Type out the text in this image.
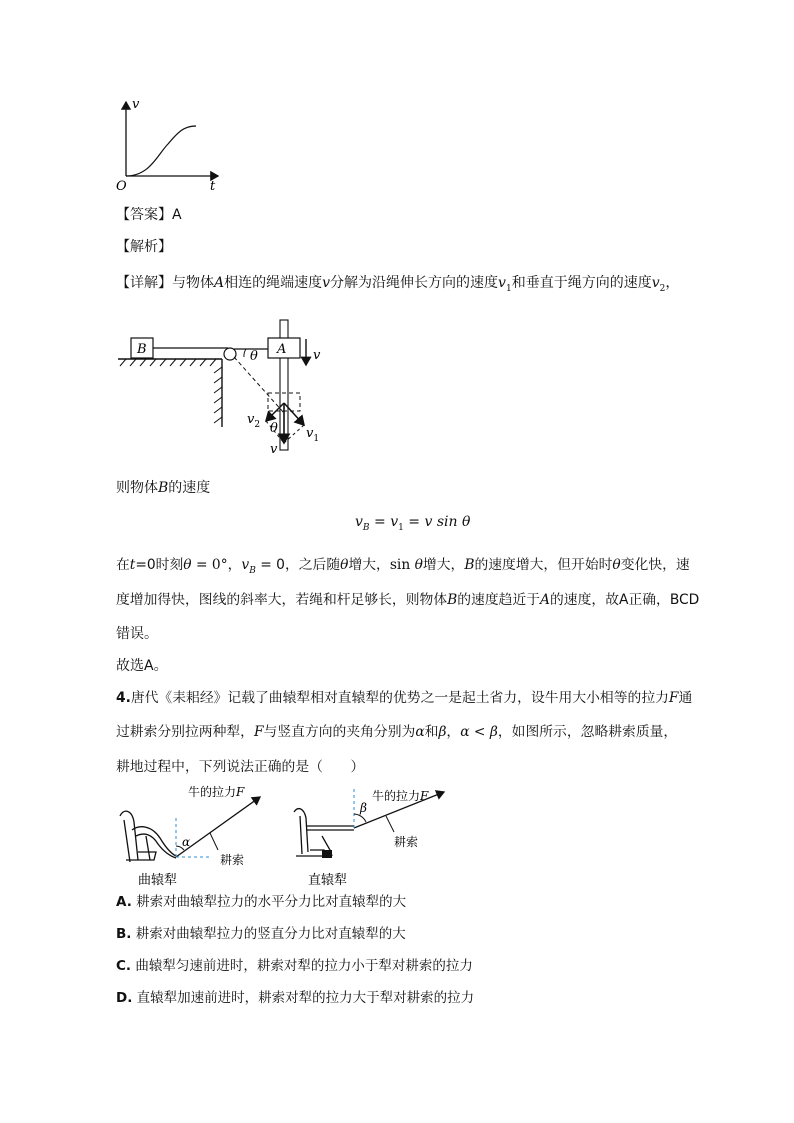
v
t
O
【答案】A
【解析】
【详解】与物体A相连的绳端速度v分解为沿绳伸长方向的速度$v_1$和垂直于绳方向的速度$v_2$，
B	A
θ	v
$v_2$ θ $v_1$
v
则物体B的速度
$v_B = v_1 = v$ sin θ
在t=0时刻θ = 0°，$v_B = 0$，之后随θ增大，sin θ增大，B的速度增大，但开始时θ变化快，速
度增加得快，图线的斜率大，若绳和杆足够长，则物体B的速度趋近于A的速度，故A正确，BCD
错误。
故选A。
4.唐代《耒耜经》记载了曲辕犁相对直辕犁的优势之一是起土省力，设牛用大小相等的拉力F通
过耕索分别拉两种犁，F与竖直方向的夹角分别为α和β，α < β，如图所示，忽略耕索质量，
耕地过程中，下列说法正确的是（　　）
α
牛的拉力F
耕索
曲辕犁
β
牛的拉力F
耕索
直辕犁
A. 耕索对曲辕犁拉力的水平分力比对直辕犁的大
B. 耕索对曲辕犁拉力的竖直分力比对直辕犁的大
C. 曲辕犁匀速前进时，耕索对犁的拉力小于犁对耕索的拉力
D. 直辕犁加速前进时，耕索对犁的拉力大于犁对耕索的拉力
